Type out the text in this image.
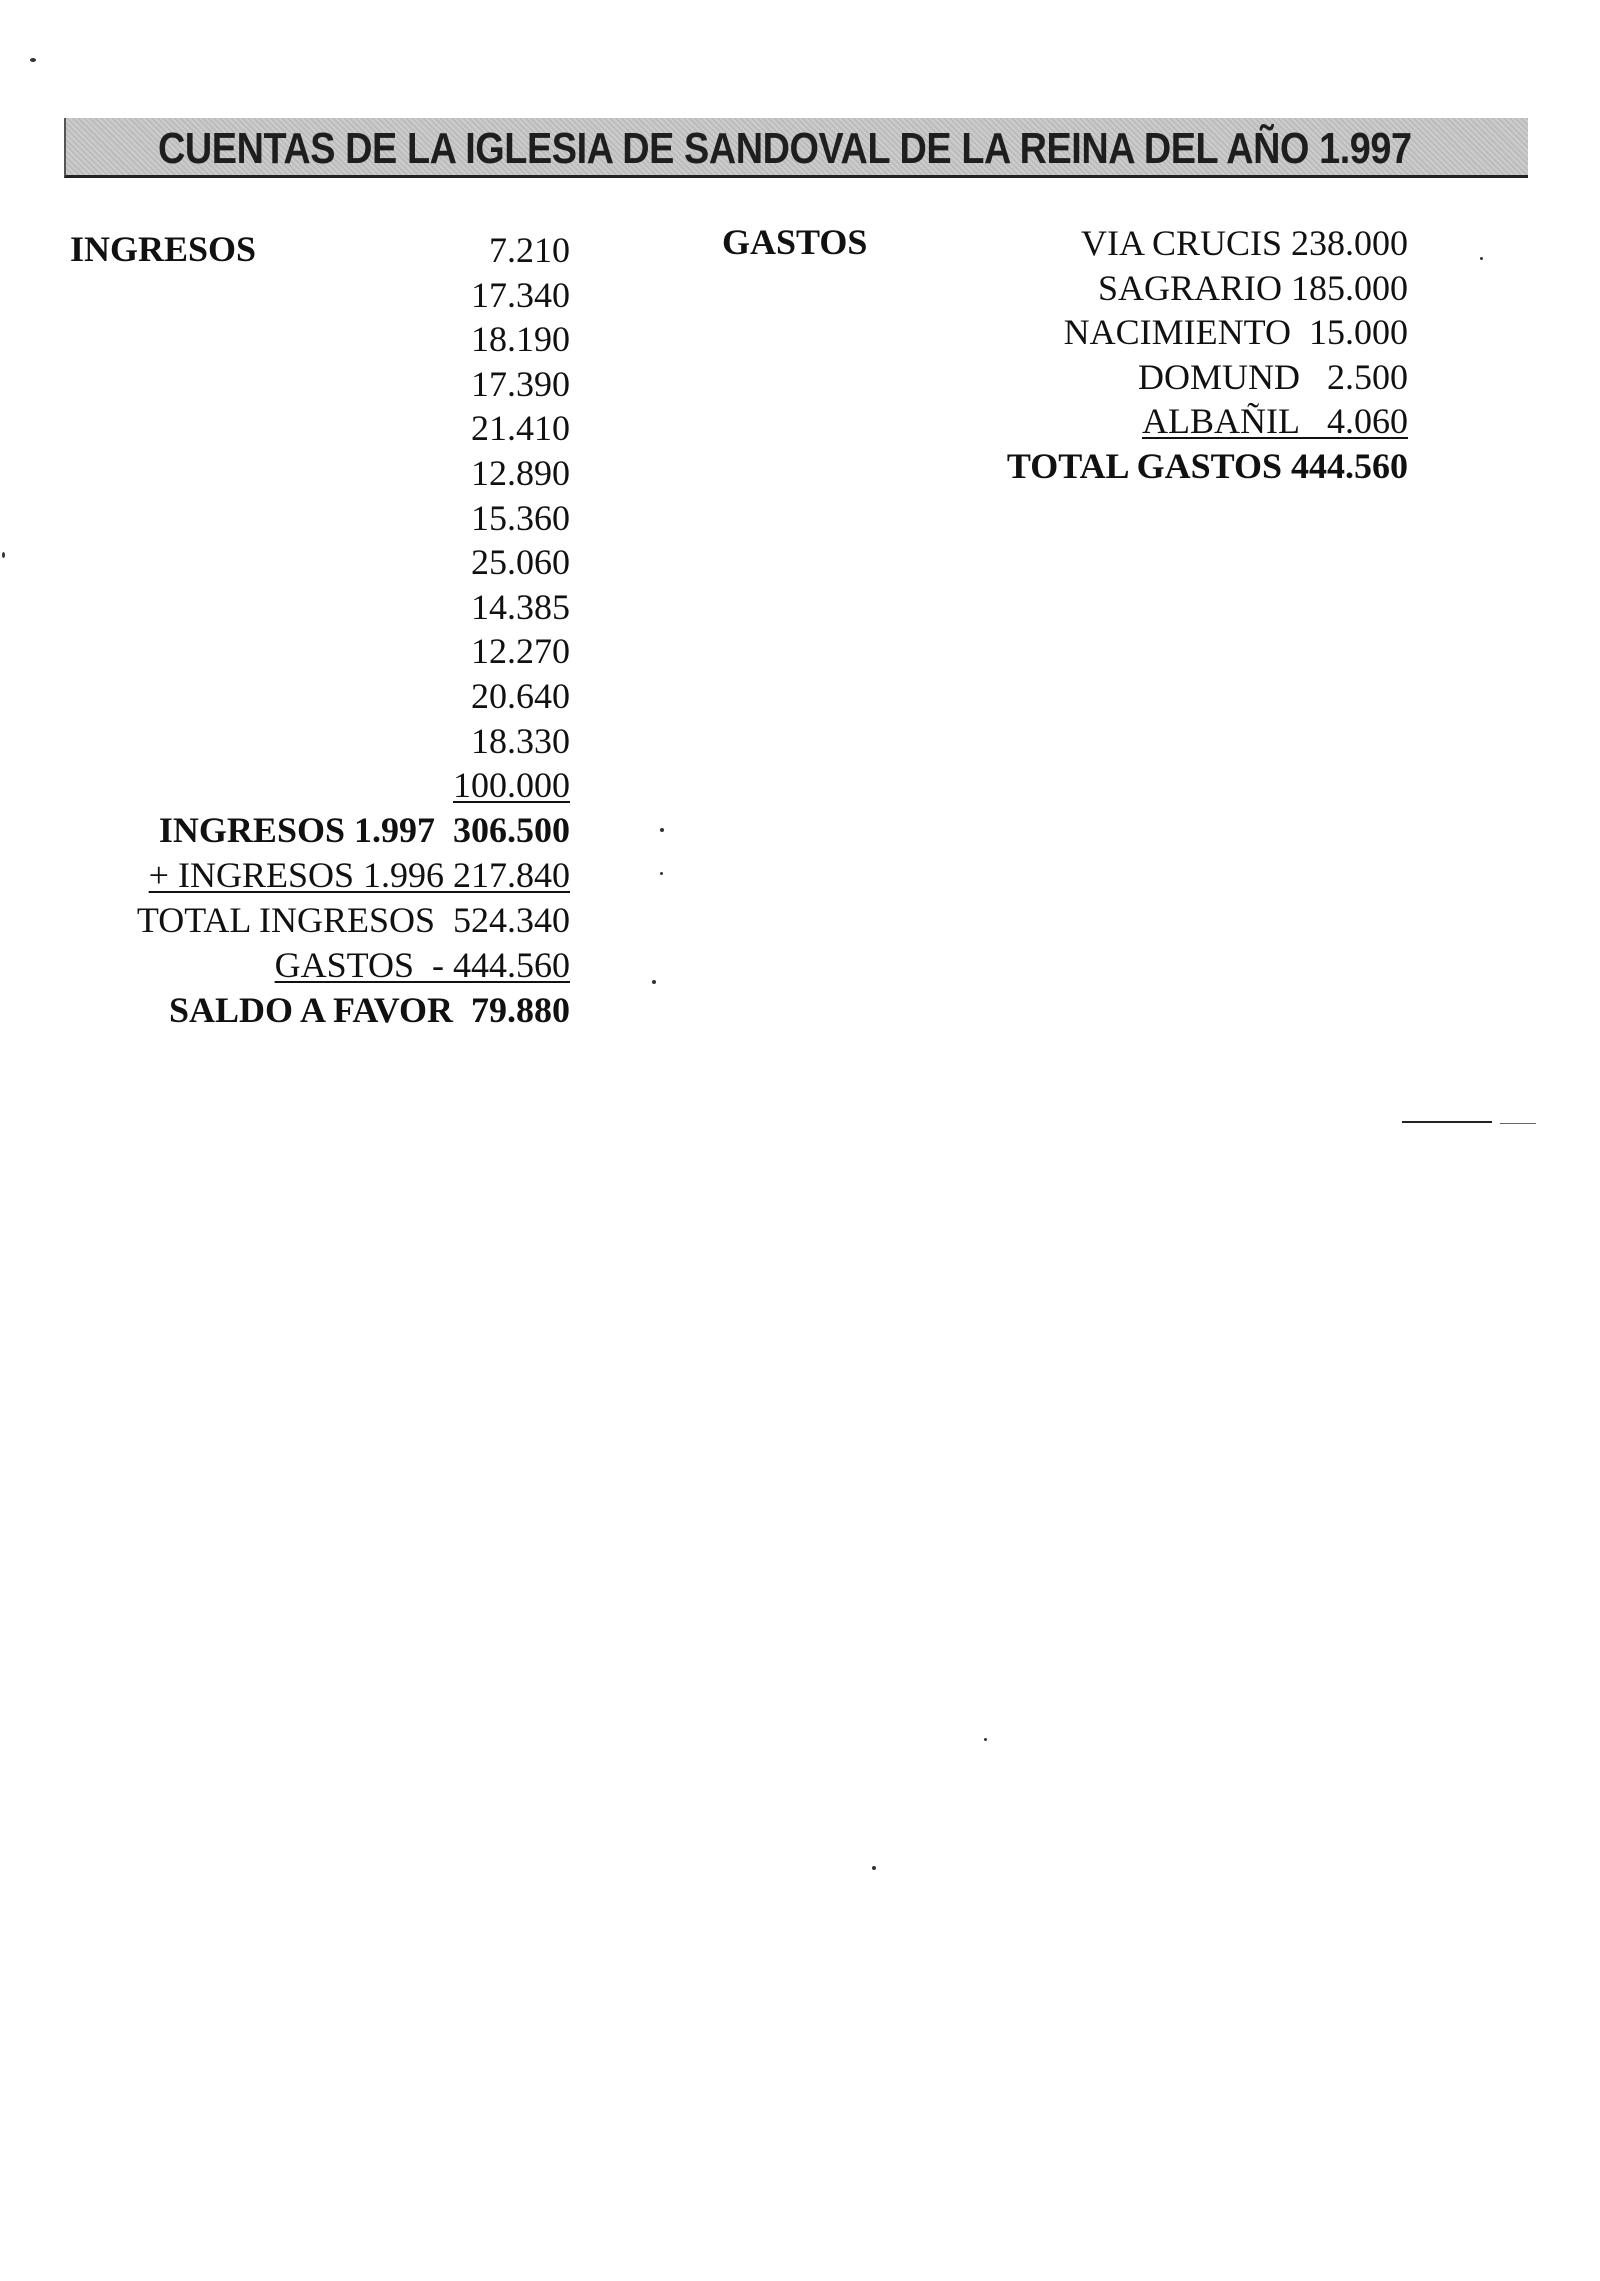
CUENTAS DE LA IGLESIA DE SANDOVAL DE LA REINA DEL AÑO 1.997
INGRESOS	7.210
17.340
18.190
17.390
21.410
12.890
15.360
25.060
14.385
12.270
20.640
18.330
100.000
INGRESOS 1.997 306.500
+ INGRESOS 1.996 217.840
TOTAL INGRESOS 524.340
GASTOS - 444.560
SALDO A FAVOR 79.880
GASTOS	VIA CRUCIS 238.000
SAGRARIO 185.000
NACIMIENTO 15.000
DOMUND 2.500
ALBAÑIL 4.060
TOTAL GASTOS 444.560
